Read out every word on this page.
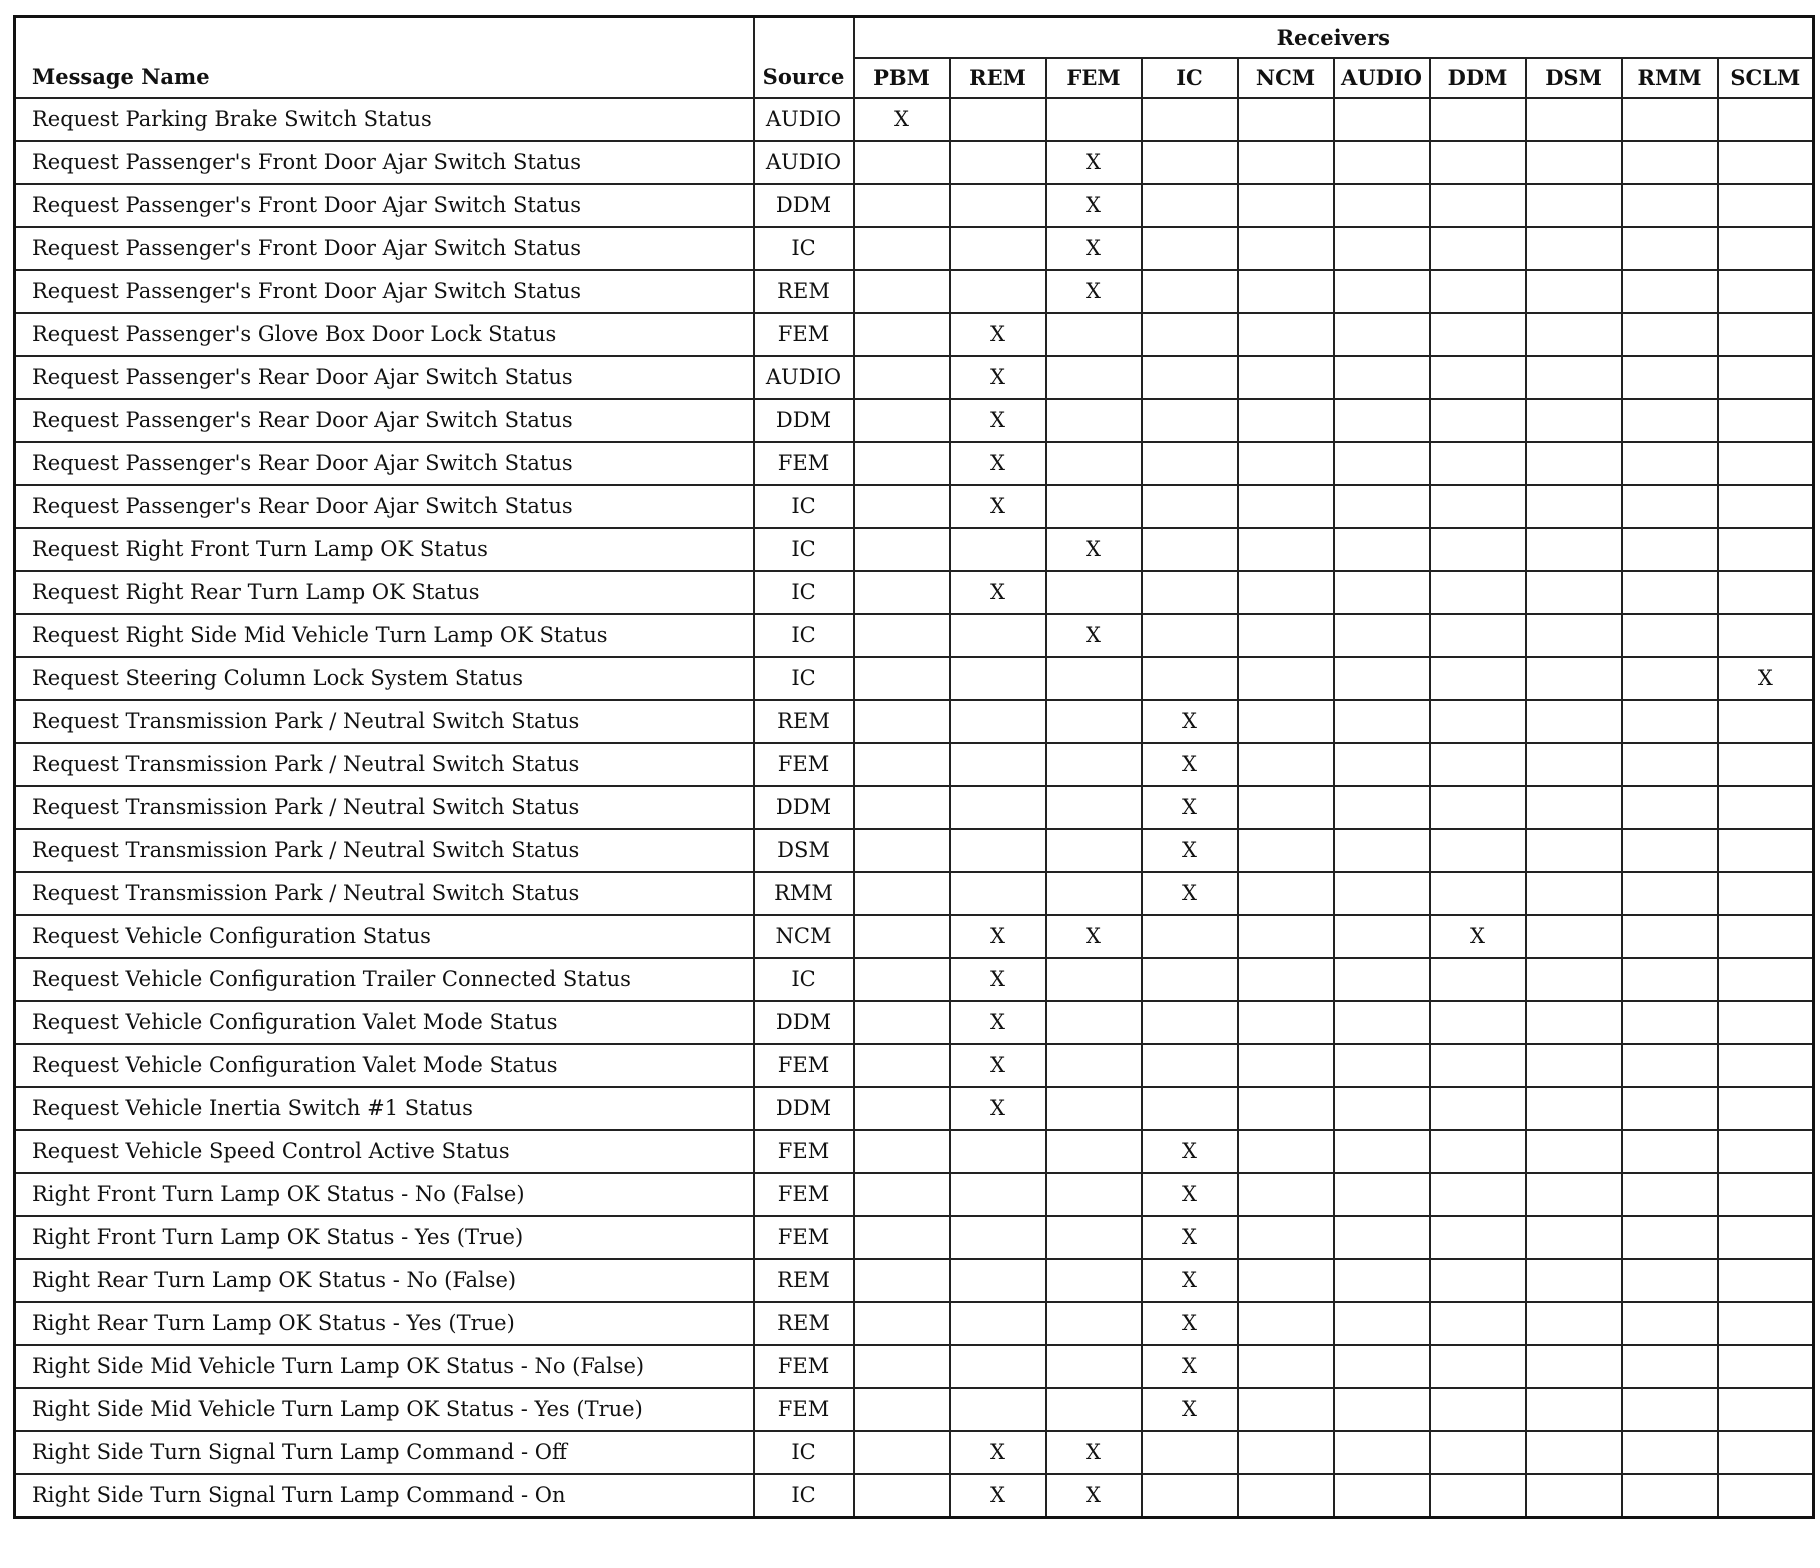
Message Name	Source	Receivers									
		PBM	REM	FEM	IC	NCM	AUDIO	DDM	DSM	RMM	SCLM
Request Parking Brake Switch Status	AUDIO	X									
Request Passenger's Front Door Ajar Switch Status	AUDIO			X							
Request Passenger's Front Door Ajar Switch Status	DDM			X							
Request Passenger's Front Door Ajar Switch Status	IC			X							
Request Passenger's Front Door Ajar Switch Status	REM			X							
Request Passenger's Glove Box Door Lock Status	FEM		X								
Request Passenger's Rear Door Ajar Switch Status	AUDIO		X								
Request Passenger's Rear Door Ajar Switch Status	DDM		X								
Request Passenger's Rear Door Ajar Switch Status	FEM		X								
Request Passenger's Rear Door Ajar Switch Status	IC		X								
Request Right Front Turn Lamp OK Status	IC			X							
Request Right Rear Turn Lamp OK Status	IC		X								
Request Right Side Mid Vehicle Turn Lamp OK Status	IC			X							
Request Steering Column Lock System Status	IC										X
Request Transmission Park / Neutral Switch Status	REM				X						
Request Transmission Park / Neutral Switch Status	FEM				X						
Request Transmission Park / Neutral Switch Status	DDM				X						
Request Transmission Park / Neutral Switch Status	DSM				X						
Request Transmission Park / Neutral Switch Status	RMM				X						
Request Vehicle Configuration Status	NCM		X	X				X			
Request Vehicle Configuration Trailer Connected Status	IC		X								
Request Vehicle Configuration Valet Mode Status	DDM		X								
Request Vehicle Configuration Valet Mode Status	FEM		X								
Request Vehicle Inertia Switch #1 Status	DDM		X								
Request Vehicle Speed Control Active Status	FEM				X						
Right Front Turn Lamp OK Status - No (False)	FEM				X						
Right Front Turn Lamp OK Status - Yes (True)	FEM				X						
Right Rear Turn Lamp OK Status - No (False)	REM				X						
Right Rear Turn Lamp OK Status - Yes (True)	REM				X						
Right Side Mid Vehicle Turn Lamp OK Status - No (False)	FEM				X						
Right Side Mid Vehicle Turn Lamp OK Status - Yes (True)	FEM				X						
Right Side Turn Signal Turn Lamp Command - Off	IC		X	X							
Right Side Turn Signal Turn Lamp Command - On	IC		X	X							
